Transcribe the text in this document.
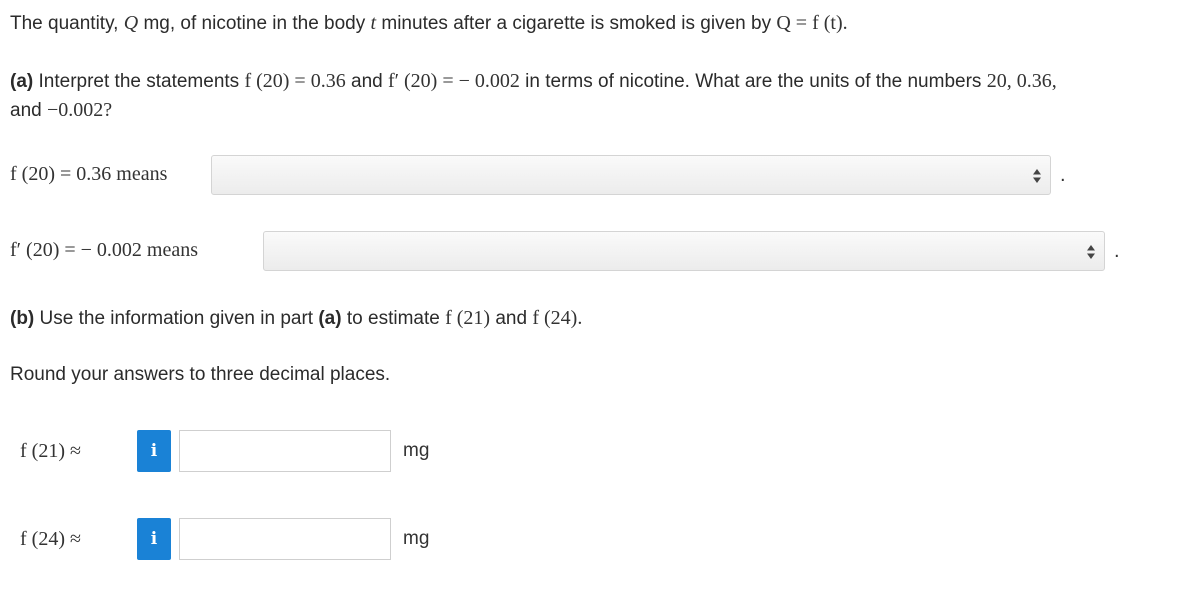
The quantity, Q mg, of nicotine in the body t minutes after a cigarette is smoked is given by Q = f (t).
(a) Interpret the statements f (20) = 0.36 and f′ (20) = − 0.002 in terms of nicotine. What are the units of the numbers 20, 0.36,
and −0.002?
f (20) = 0.36 means	.
f′ (20) = − 0.002 means	.
(b) Use the information given in part (a) to estimate f (21) and f (24).
Round your answers to three decimal places.
f (21) ≈	i	mg
f (24) ≈	i	mg
